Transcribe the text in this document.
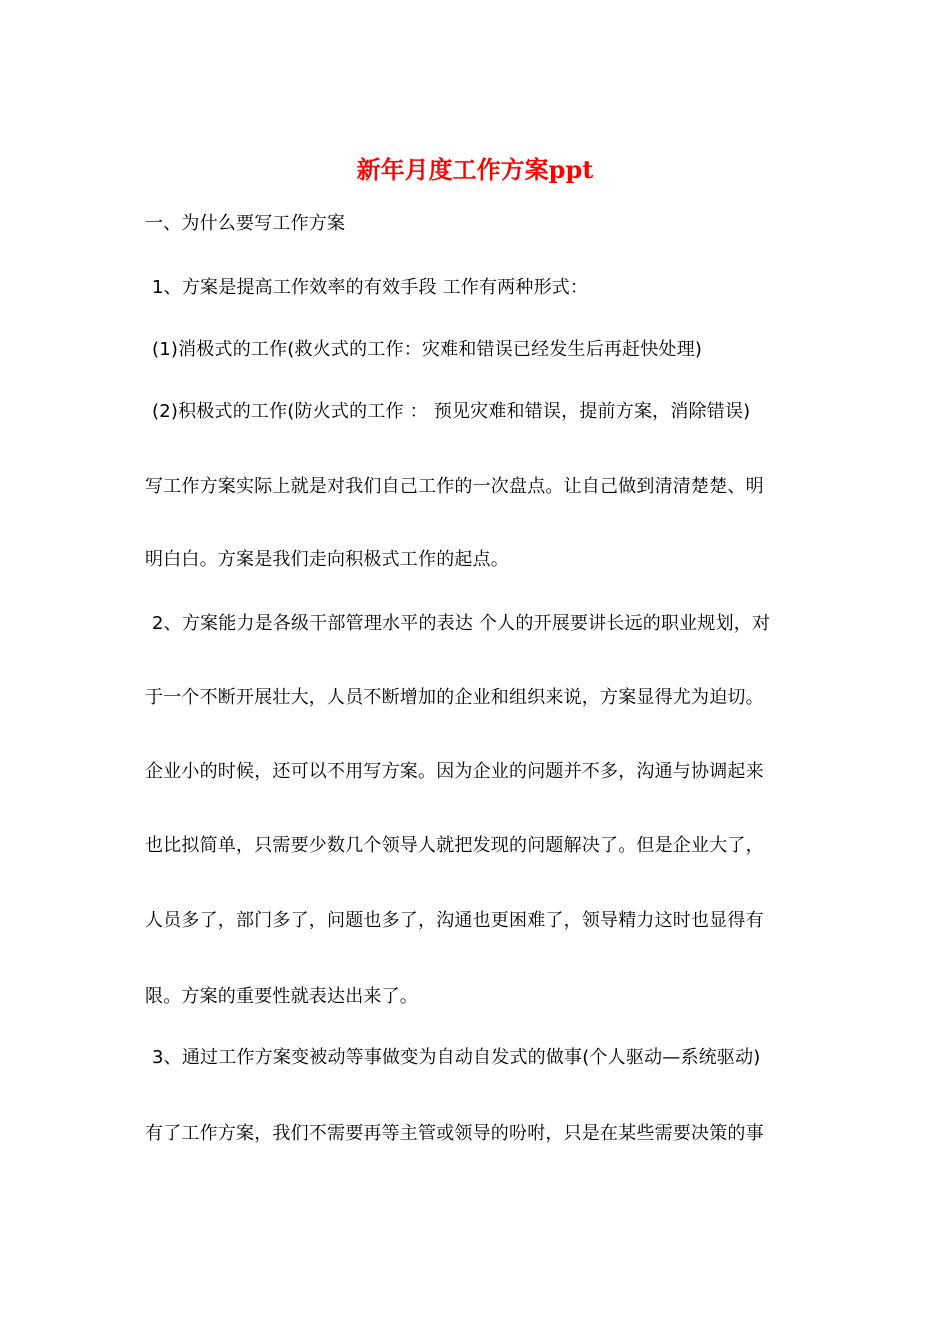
新年月度工作方案ppt
一、为什么要写工作方案
1、方案是提高工作效率的有效手段 工作有两种形式：
(1)消极式的工作(救火式的工作：灾难和错误已经发生后再赶快处理)
(2)积极式的工作(防火式的工作 ： 预见灾难和错误，提前方案，消除错误)
写工作方案实际上就是对我们自己工作的一次盘点。让自己做到清清楚楚、明
明白白。方案是我们走向积极式工作的起点。
2、方案能力是各级干部管理水平的表达 个人的开展要讲长远的职业规划，对
于一个不断开展壮大，人员不断增加的企业和组织来说，方案显得尤为迫切。
企业小的时候，还可以不用写方案。因为企业的问题并不多，沟通与协调起来
也比拟简单，只需要少数几个领导人就把发现的问题解决了。但是企业大了，
人员多了，部门多了，问题也多了，沟通也更困难了，领导精力这时也显得有
限。方案的重要性就表达出来了。
3、通过工作方案变被动等事做变为自动自发式的做事(个人驱动—系统驱动)
有了工作方案，我们不需要再等主管或领导的吩咐，只是在某些需要决策的事
